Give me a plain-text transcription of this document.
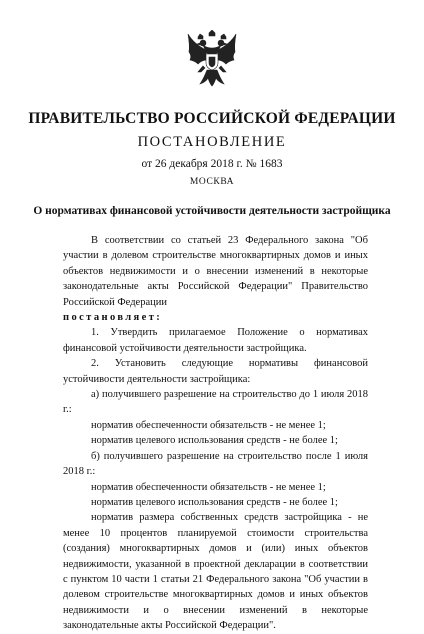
ПРАВИТЕЛЬСТВО РОССИЙСКОЙ ФЕДЕРАЦИИ
ПОСТАНОВЛЕНИЕ
от 26 декабря 2018 г. № 1683
МОСКВА
О нормативах финансовой устойчивости деятельности застройщика

В соответствии со статьей 23 Федерального закона "Об участии в долевом строительстве многоквартирных домов и иных объектов недвижимости и о внесении изменений в некоторые законодательные акты Российской Федерации" Правительство Российской Федерации

постановляет:

1. Утвердить прилагаемое Положение о нормативах финансовой устойчивости деятельности застройщика.

2. Установить следующие нормативы финансовой устойчивости деятельности застройщика:

а) получившего разрешение на строительство до 1 июля 2018 г.:

норматив обеспеченности обязательств - не менее 1;

норматив целевого использования средств - не более 1;

б) получившего разрешение на строительство после 1 июля 2018 г.:

норматив обеспеченности обязательств - не менее 1;

норматив целевого использования средств - не более 1;

норматив размера собственных средств застройщика - не менее 10 процентов планируемой стоимости строительства (создания) многоквартирных домов и (или) иных объектов недвижимости, указанной в проектной декларации в соответствии с пунктом 10 части 1 статьи 21 Федерального закона "Об участии в долевом строительстве многоквартирных домов и иных объектов недвижимости и о внесении изменений в некоторые законодательные акты Российской Федерации".
